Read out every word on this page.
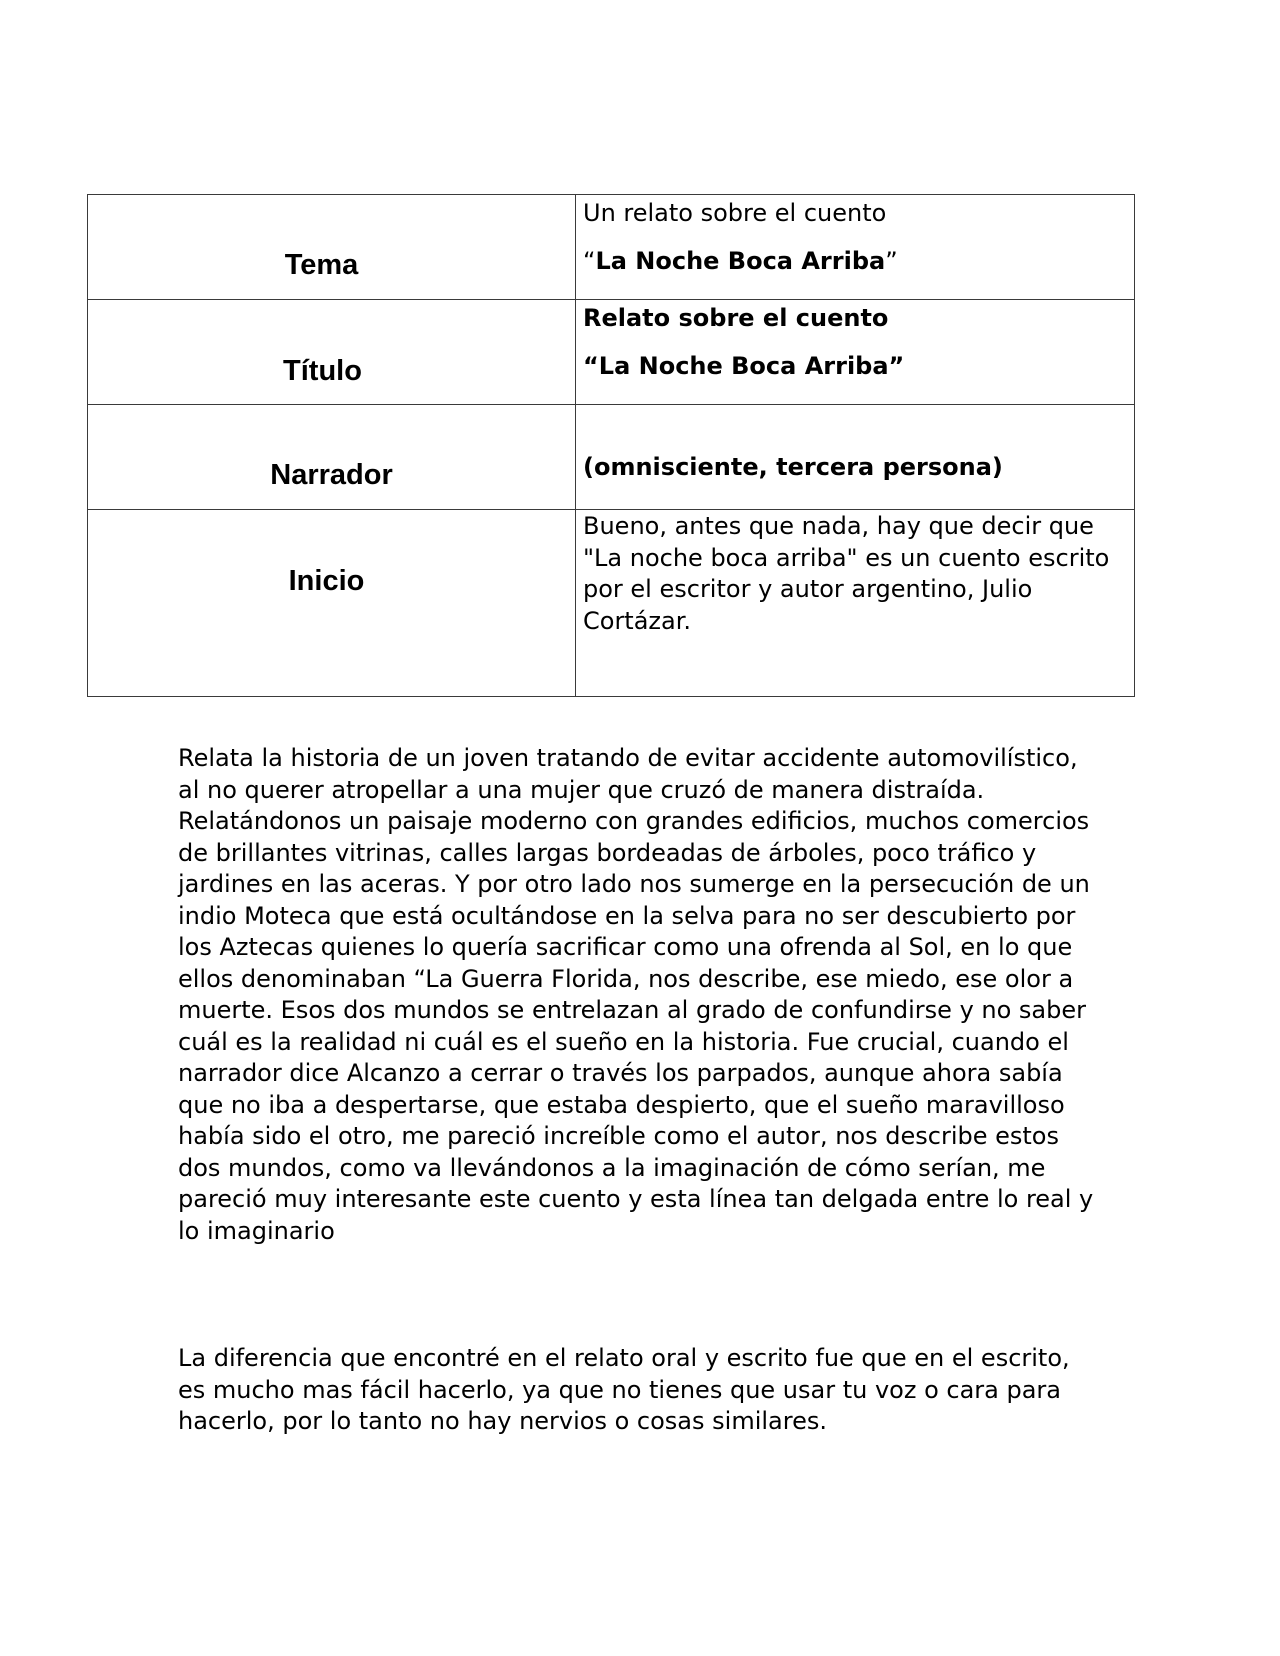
Tema	Un relato sobre el cuento
“La Noche Boca Arriba”

Título	Relato sobre el cuento
“La Noche Boca Arriba”

Narrador	(omnisciente, tercera persona)

Inicio	Bueno, antes que nada, hay que decir que "La noche boca arriba" es un cuento escrito por el escritor y autor argentino, Julio Cortázar.

Relata la historia de un joven tratando de evitar accidente automovilístico, al no querer atropellar a una mujer que cruzó de manera distraída. Relatándonos un paisaje moderno con grandes edificios, muchos comercios de brillantes vitrinas, calles largas bordeadas de árboles, poco tráfico y jardines en las aceras. Y por otro lado nos sumerge en la persecución de un indio Moteca que está ocultándose en la selva para no ser descubierto por los Aztecas quienes lo quería sacrificar como una ofrenda al Sol, en lo que ellos denominaban “La Guerra Florida, nos describe, ese miedo, ese olor a muerte. Esos dos mundos se entrelazan al grado de confundirse y no saber cuál es la realidad ni cuál es el sueño en la historia. Fue crucial, cuando el narrador dice Alcanzo a cerrar o través los parpados, aunque ahora sabía que no iba a despertarse, que estaba despierto, que el sueño maravilloso había sido el otro, me pareció increíble como el autor, nos describe estos dos mundos, como va llevándonos a la imaginación de cómo serían, me pareció muy interesante este cuento y esta línea tan delgada entre lo real y lo imaginario

La diferencia que encontré en el relato oral y escrito fue que en el escrito, es mucho mas fácil hacerlo, ya que no tienes que usar tu voz o cara para hacerlo, por lo tanto no hay nervios o cosas similares.
